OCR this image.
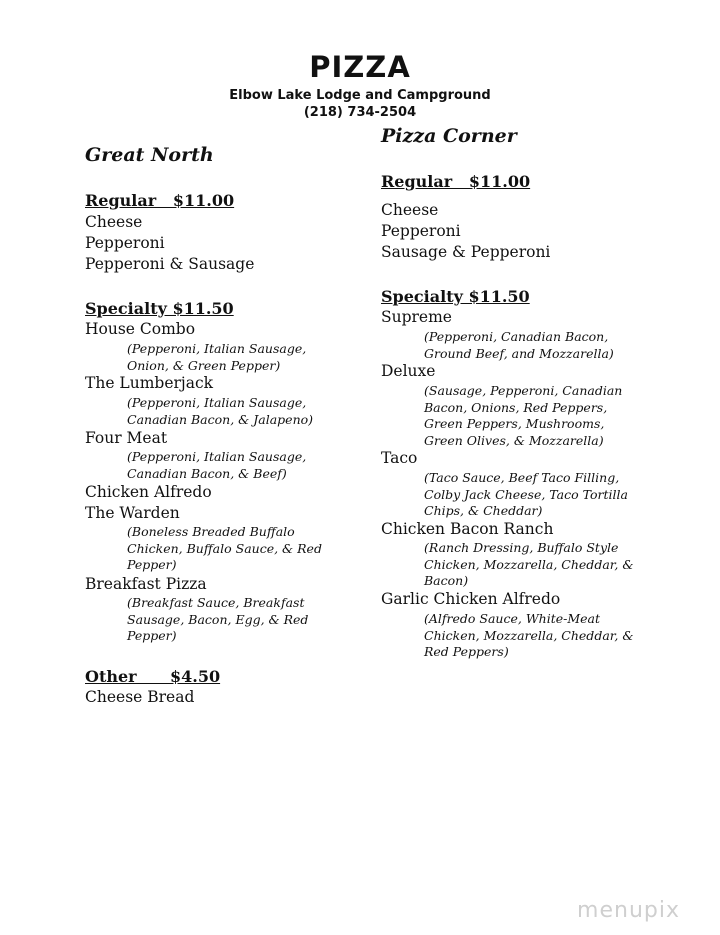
PIZZA
Elbow Lake Lodge and Campground
(218) 734-2504
Great North
Regular   $11.00
Cheese
Pepperoni
Pepperoni & Sausage
Specialty $11.50
House Combo
(Pepperoni, Italian Sausage, Onion, & Green Pepper)
The Lumberjack
(Pepperoni, Italian Sausage, Canadian Bacon, & Jalapeno)
Four Meat
(Pepperoni, Italian Sausage, Canadian Bacon, & Beef)
Chicken Alfredo
The Warden
(Boneless Breaded Buffalo Chicken, Buffalo Sauce, & Red Pepper)
Breakfast Pizza
(Breakfast Sauce, Breakfast Sausage, Bacon, Egg, & Red Pepper)
Other      $4.50
Cheese Bread
Pizza Corner
Regular   $11.00
Cheese
Pepperoni
Sausage & Pepperoni
Specialty $11.50
Supreme
(Pepperoni, Canadian Bacon, Ground Beef, and Mozzarella)
Deluxe
(Sausage, Pepperoni, Canadian Bacon, Onions, Red Peppers, Green Peppers, Mushrooms, Green Olives, & Mozzarella)
Taco
(Taco Sauce, Beef Taco Filling, Colby Jack Cheese, Taco Tortilla Chips, & Cheddar)
Chicken Bacon Ranch
(Ranch Dressing, Buffalo Style Chicken, Mozzarella, Cheddar, & Bacon)
Garlic Chicken Alfredo
(Alfredo Sauce, White-Meat Chicken, Mozzarella, Cheddar, & Red Peppers)
menupix
